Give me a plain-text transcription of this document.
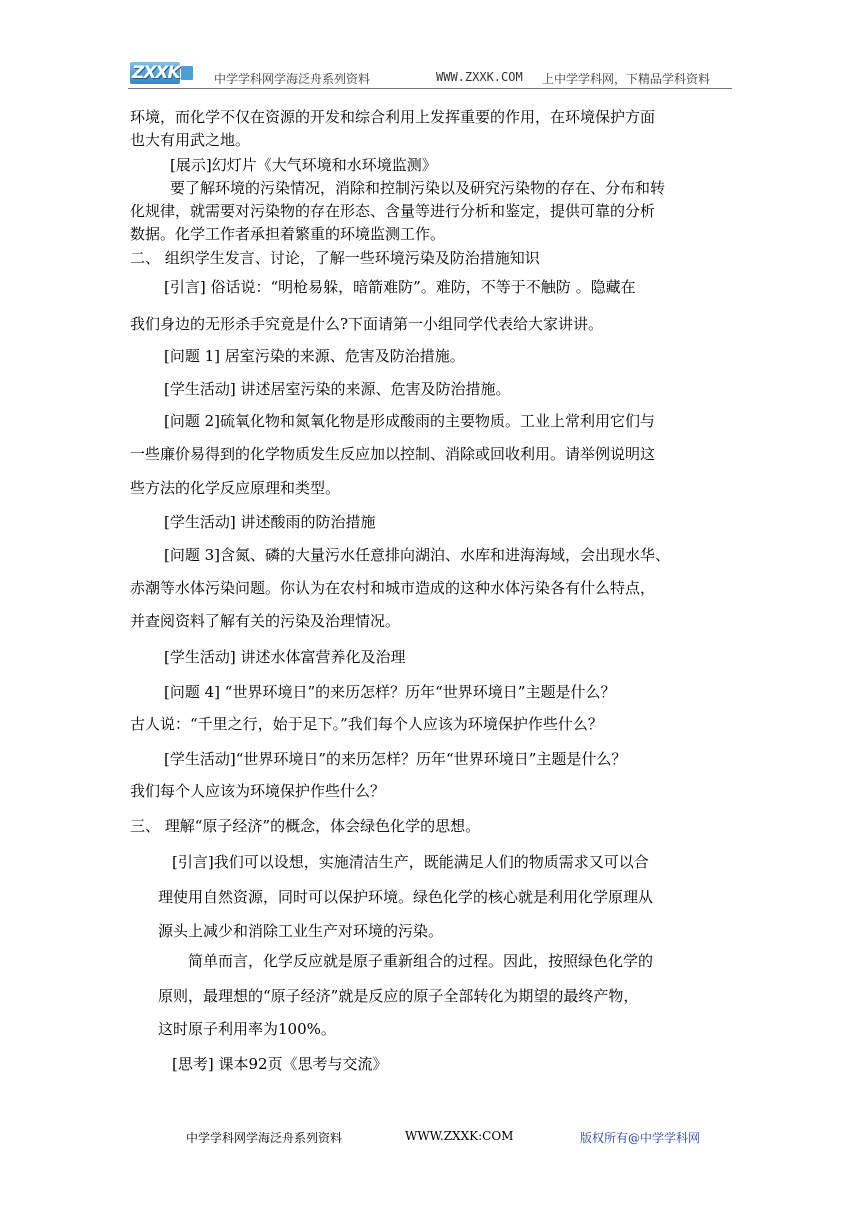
ZXXK	中学学科网学海泛舟系列资料	WWW.ZXXK.COM 上中学学科网，下精品学科资料
环境，而化学不仅在资源的开发和综合利用上发挥重要的作用，在环境保护方面
也大有用武之地。
[展示]幻灯片《大气环境和水环境监测》
要了解环境的污染情况，消除和控制污染以及研究污染物的存在、分布和转
化规律，就需要对污染物的存在形态、含量等进行分析和鉴定，提供可靠的分析
数据。化学工作者承担着繁重的环境监测工作。
二、 组织学生发言、讨论，了解一些环境污染及防治措施知识
[引言] 俗话说：“明枪易躲，暗箭难防”。难防，不等于不触防 。隐藏在
我们身边的无形杀手究竟是什么?下面请第一小组同学代表给大家讲讲。
[问题 1] 居室污染的来源、危害及防治措施。
[学生活动] 讲述居室污染的来源、危害及防治措施。
[问题 2]硫氧化物和氮氧化物是形成酸雨的主要物质。工业上常利用它们与
一些廉价易得到的化学物质发生反应加以控制、消除或回收利用。请举例说明这
些方法的化学反应原理和类型。
[学生活动] 讲述酸雨的防治措施
[问题 3]含氮、磷的大量污水任意排向湖泊、水库和进海海域，会出现水华、
赤潮等水体污染问题。你认为在农村和城市造成的这种水体污染各有什么特点，
并查阅资料了解有关的污染及治理情况。
[学生活动] 讲述水体富营养化及治理
[问题 4] “世界环境日”的来历怎样？历年“世界环境日”主题是什么？
古人说：“千里之行，始于足下。”我们每个人应该为环境保护作些什么？
[学生活动]“世界环境日”的来历怎样？历年“世界环境日”主题是什么？
我们每个人应该为环境保护作些什么？
三、 理解“原子经济”的概念，体会绿色化学的思想。
[引言]我们可以设想，实施清洁生产，既能满足人们的物质需求又可以合
理使用自然资源，同时可以保护环境。绿色化学的核心就是利用化学原理从
源头上减少和消除工业生产对环境的污染。
简单而言，化学反应就是原子重新组合的过程。因此，按照绿色化学的
原则，最理想的“原子经济”就是反应的原子全部转化为期望的最终产物，
这时原子利用率为100%。
[思考] 课本92页《思考与交流》
中学学科网学海泛舟系列资料	WWW.ZXXK:COM	版权所有@中学学科网
